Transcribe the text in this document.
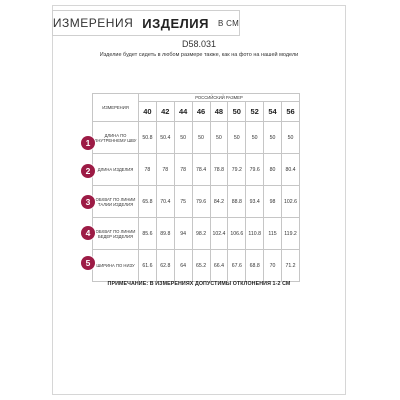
ИЗМЕРЕНИЯ ИЗДЕЛИЯ В СМ
D58.031
Изделие будет сидеть в любом размере также, как на фото на нашей модели
ИЗМЕРЕНИЯ	РОССИЙСКИЙ РАЗМЕР								
	40	42	44	46	48	50	52	54	56
ДЛИНА ПО ВНУТРЕННЕМУ ШВУ	50.8	50.4	50	50	50	50	50	50	50
ДЛИНА ИЗДЕЛИЯ	78	78	78	78.4	78.8	79.2	79.6	80	80.4
ОБХВАТ ПО ЛИНИИ ТАЛИИ ИЗДЕЛИЯ	65.8	70.4	75	79.6	84.2	88.8	93.4	98	102.6
ОБХВАТ ПО ЛИНИИ БЕДЕР ИЗДЕЛИЯ	85.6	89.8	94	98.2	102.4	106.6	110.8	115	119.2
ШИРИНА ПО НИЗУ	61.6	62.8	64	65.2	66.4	67.6	68.8	70	71.2
1
2
3
4
5
ПРИМЕЧАНИЕ: В ИЗМЕРЕНИЯХ ДОПУСТИМЫ ОТКЛОНЕНИЯ 1-2 СМ
